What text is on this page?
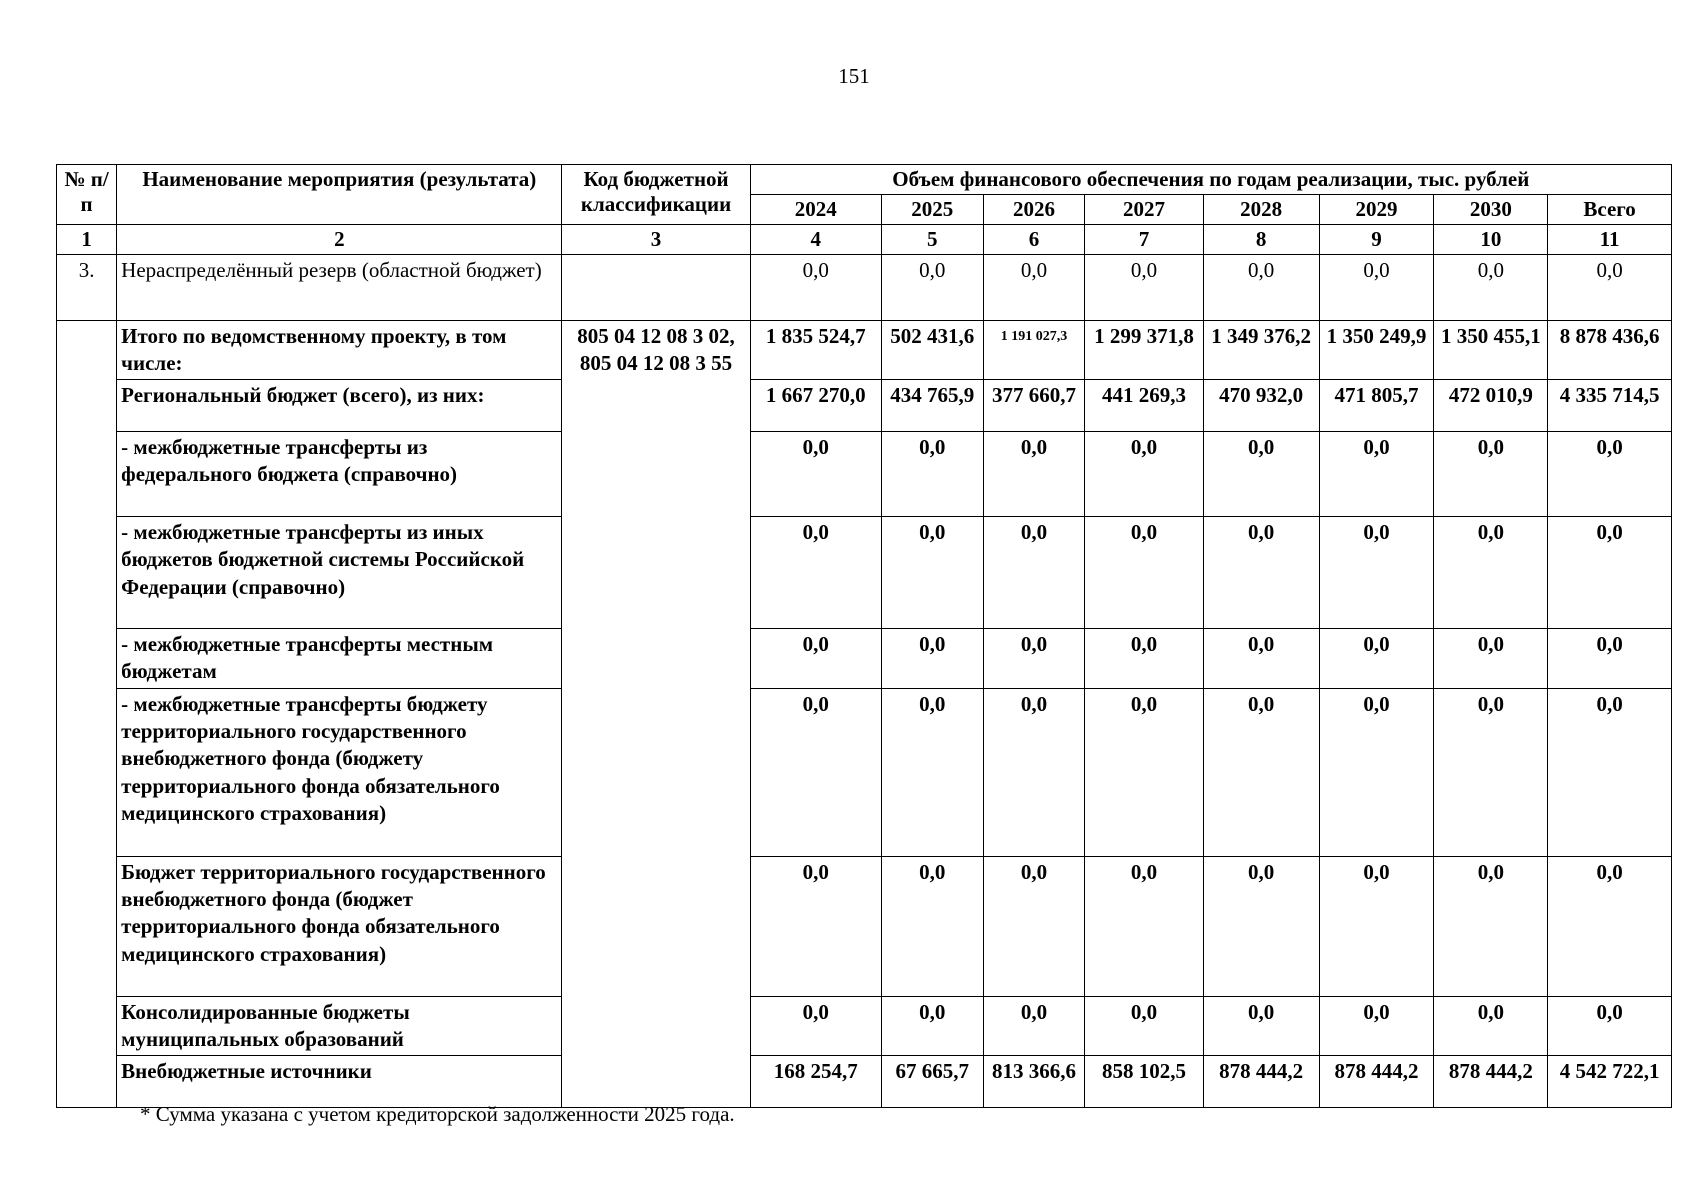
151
№ п/п	Наименование мероприятия (результата)	Код бюджетной классификации	Объем финансового обеспечения по годам реализации, тыс. рублей							
			2024	2025	2026	2027	2028	2029	2030	Всего
1	2	3	4	5	6	7	8	9	10	11
3.	Нераспределённый резерв (областной бюджет)		0,0	0,0	0,0	0,0	0,0	0,0	0,0	0,0
	Итого по ведомственному проекту, в том числе:	805 04 12 08 3 02, 805 04 12 08 3 55	1 835 524,7	502 431,6	1 191 027,3	1 299 371,8	1 349 376,2	1 350 249,9	1 350 455,1	8 878 436,6
	Региональный бюджет (всего), из них:		1 667 270,0	434 765,9	377 660,7	441 269,3	470 932,0	471 805,7	472 010,9	4 335 714,5
	- межбюджетные трансферты из федерального бюджета (справочно)		0,0	0,0	0,0	0,0	0,0	0,0	0,0	0,0
	- межбюджетные трансферты из иных бюджетов бюджетной системы Российской Федерации (справочно)		0,0	0,0	0,0	0,0	0,0	0,0	0,0	0,0
	- межбюджетные трансферты местным бюджетам		0,0	0,0	0,0	0,0	0,0	0,0	0,0	0,0
	- межбюджетные трансферты бюджету территориального государственного внебюджетного фонда (бюджету территориального фонда обязательного медицинского страхования)		0,0	0,0	0,0	0,0	0,0	0,0	0,0	0,0
	Бюджет территориального государственного внебюджетного фонда (бюджет территориального фонда обязательного медицинского страхования)		0,0	0,0	0,0	0,0	0,0	0,0	0,0	0,0
	Консолидированные бюджеты муниципальных образований		0,0	0,0	0,0	0,0	0,0	0,0	0,0	0,0
	Внебюджетные источники		168 254,7	67 665,7	813 366,6	858 102,5	878 444,2	878 444,2	878 444,2	4 542 722,1
* Сумма указана с учетом кредиторской задолженности 2025 года.
